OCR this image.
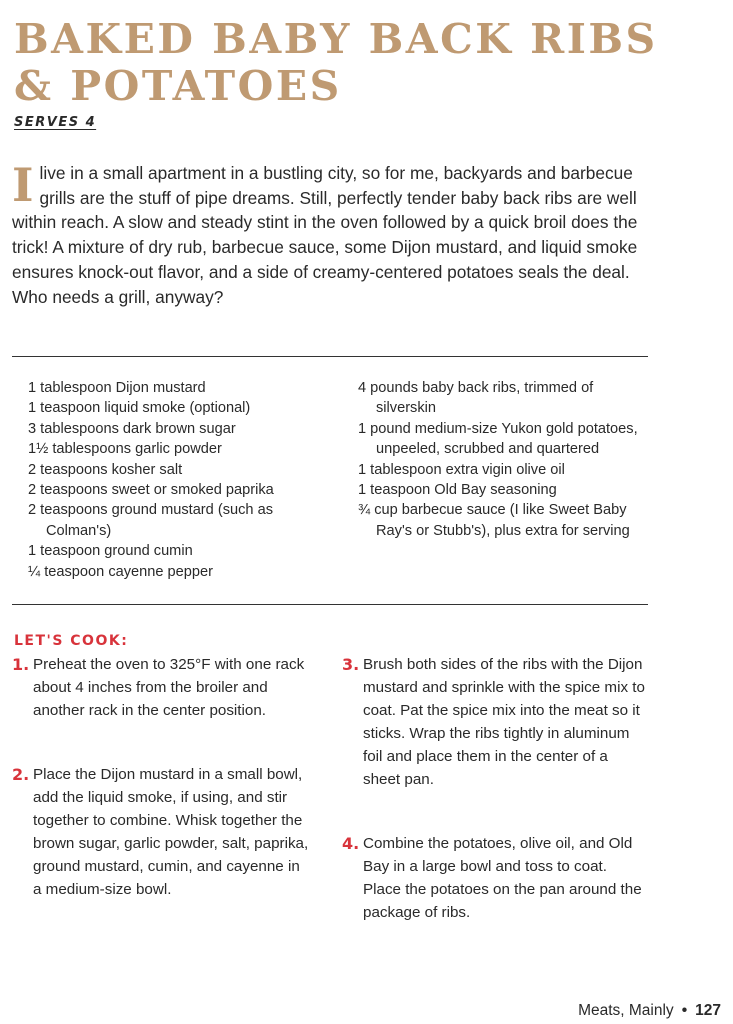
BAKED BABY BACK RIBS
& POTATOES
SERVES 4

I live in a small apartment in a bustling city, so for me, backyards and barbecue grills are the stuff of pipe dreams. Still, perfectly tender baby back ribs are well within reach. A slow and steady stint in the oven followed by a quick broil does the trick! A mixture of dry rub, barbecue sauce, some Dijon mustard, and liquid smoke ensures knock-out flavor, and a side of creamy-centered potatoes seals the deal. Who needs a grill, anyway?

1 tablespoon Dijon mustard
1 teaspoon liquid smoke (optional)
3 tablespoons dark brown sugar
1½ tablespoons garlic powder
2 teaspoons kosher salt
2 teaspoons sweet or smoked paprika
2 teaspoons ground mustard (such as Colman's)
1 teaspoon ground cumin
¼ teaspoon cayenne pepper
4 pounds baby back ribs, trimmed of silverskin
1 pound medium-size Yukon gold potatoes, unpeeled, scrubbed and quartered
1 tablespoon extra vigin olive oil
1 teaspoon Old Bay seasoning
¾ cup barbecue sauce (I like Sweet Baby Ray's or Stubb's), plus extra for serving
LET'S COOK:
1. Preheat the oven to 325°F with one rack about 4 inches from the broiler and another rack in the center position.
2. Place the Dijon mustard in a small bowl, add the liquid smoke, if using, and stir together to combine. Whisk together the brown sugar, garlic powder, salt, paprika, ground mustard, cumin, and cayenne in a medium-size bowl.
3. Brush both sides of the ribs with the Dijon mustard and sprinkle with the spice mix to coat. Pat the spice mix into the meat so it sticks. Wrap the ribs tightly in aluminum foil and place them in the center of a sheet pan.
4. Combine the potatoes, olive oil, and Old Bay in a large bowl and toss to coat. Place the potatoes on the pan around the package of ribs.
Meats, Mainly • 127
